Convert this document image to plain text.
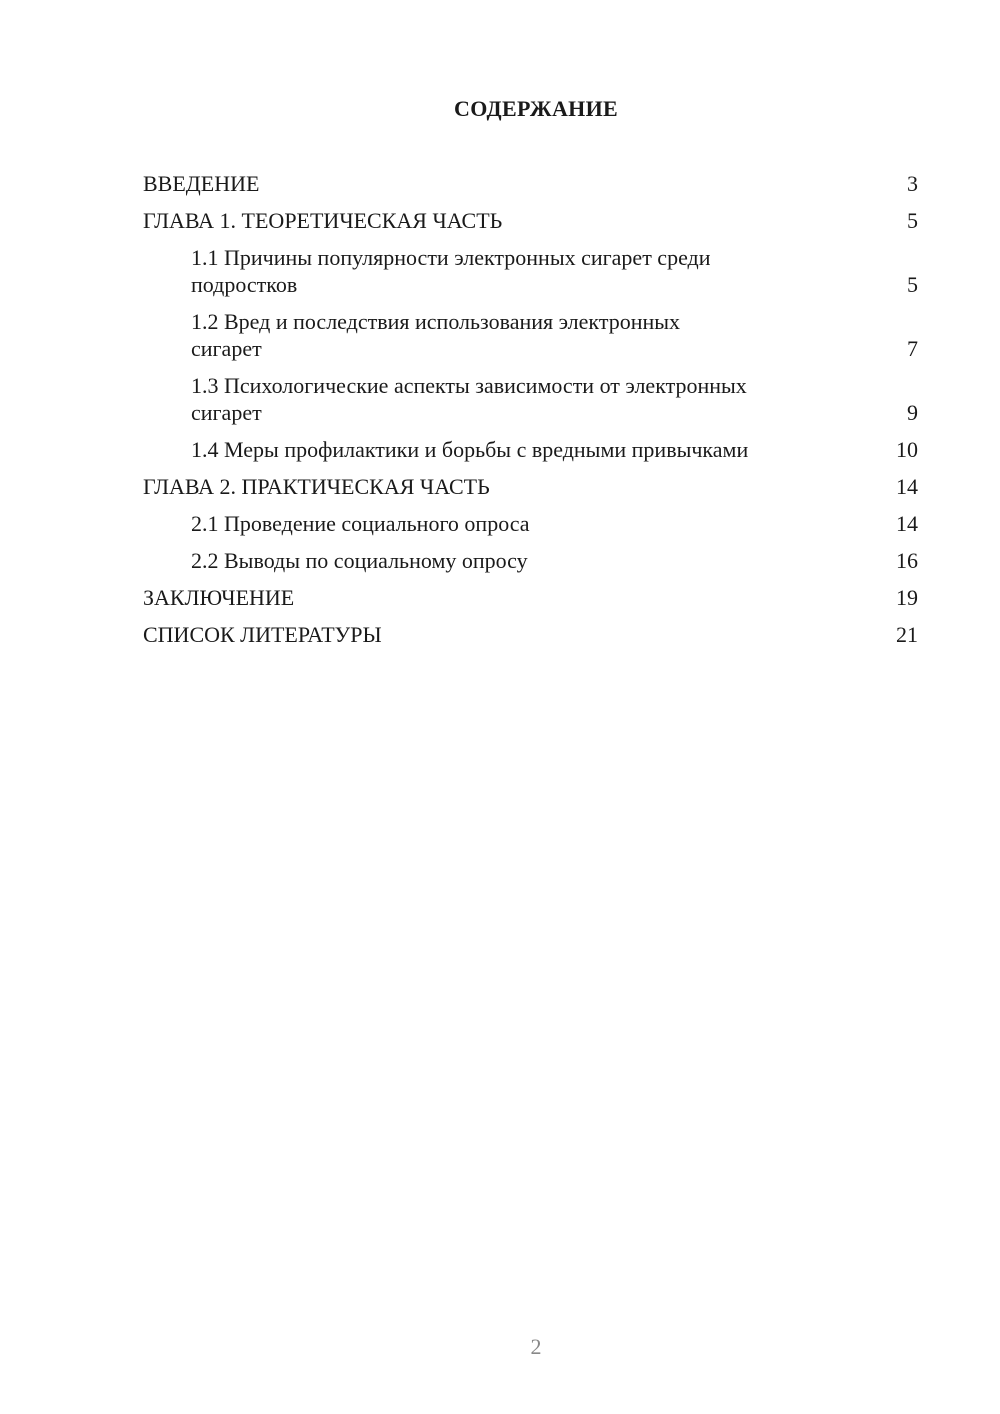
СОДЕРЖАНИЕ
ВВЕДЕНИЕ	3
ГЛАВА 1. ТЕОРЕТИЧЕСКАЯ ЧАСТЬ	5
1.1 Причины популярности электронных сигарет среди
подростков	5
1.2 Вред и последствия использования электронных
сигарет	7
1.3 Психологические аспекты зависимости от электронных
сигарет	9
1.4 Меры профилактики и борьбы с вредными привычками	10
ГЛАВА 2. ПРАКТИЧЕСКАЯ ЧАСТЬ	14
2.1 Проведение социального опроса	14
2.2 Выводы по социальному опросу	16
ЗАКЛЮЧЕНИЕ	19
СПИСОК ЛИТЕРАТУРЫ	21
2
